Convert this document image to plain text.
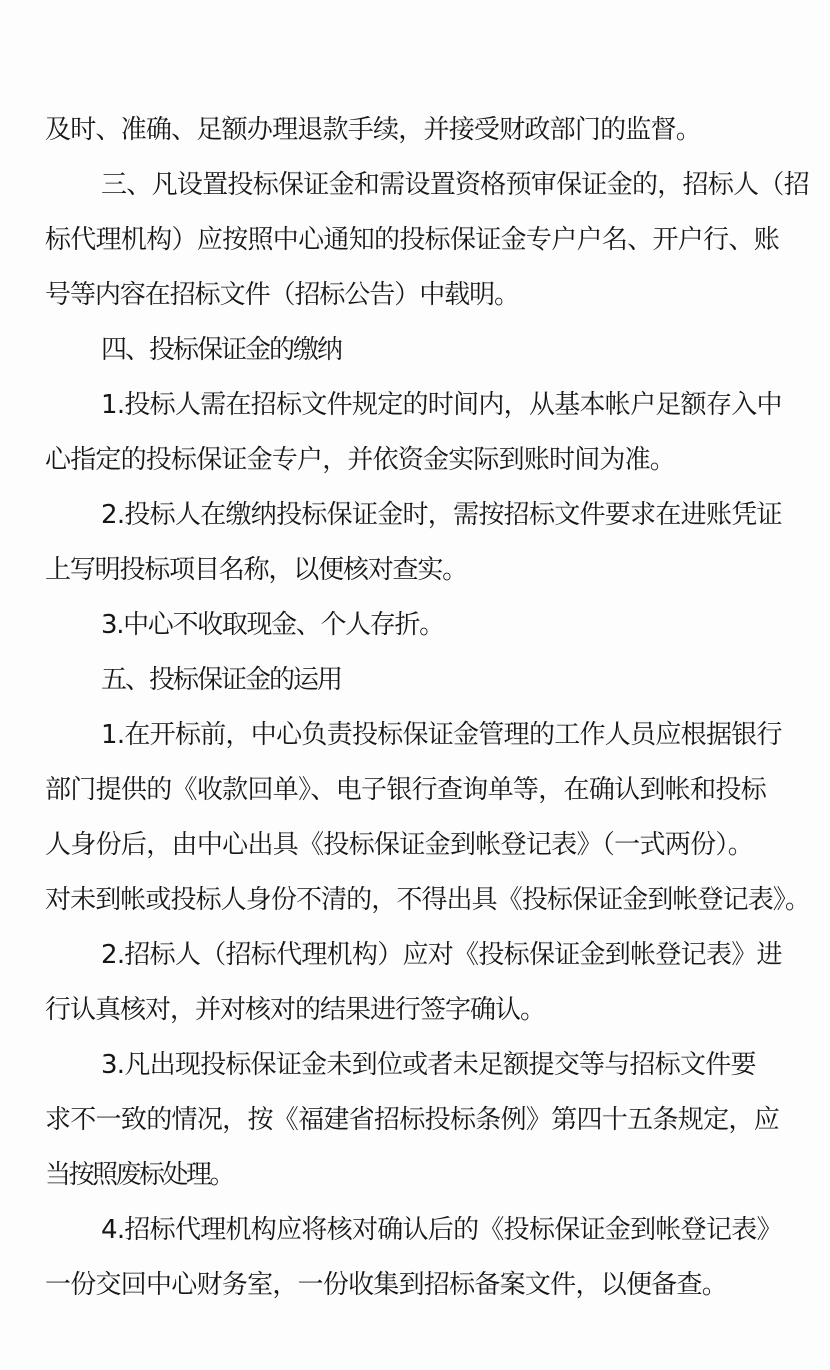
及时、准确、足额办理退款手续，并接受财政部门的监督。
三、凡设置投标保证金和需设置资格预审保证金的，招标人（招
标代理机构）应按照中心通知的投标保证金专户户名、开户行、账
号等内容在招标文件（招标公告）中载明。
四、投标保证金的缴纳
1.投标人需在招标文件规定的时间内，从基本帐户足额存入中
心指定的投标保证金专户，并依资金实际到账时间为准。
2.投标人在缴纳投标保证金时，需按招标文件要求在进账凭证
上写明投标项目名称，以便核对查实。
3.中心不收取现金、个人存折。
五、投标保证金的运用
1.在开标前，中心负责投标保证金管理的工作人员应根据银行
部门提供的《收款回单》、电子银行查询单等，在确认到帐和投标
人身份后，由中心出具《投标保证金到帐登记表》（一式两份）。
对未到帐或投标人身份不清的，不得出具《投标保证金到帐登记表》。
2.招标人（招标代理机构）应对《投标保证金到帐登记表》进
行认真核对，并对核对的结果进行签字确认。
3.凡出现投标保证金未到位或者未足额提交等与招标文件要
求不一致的情况，按《福建省招标投标条例》第四十五条规定，应
当按照废标处理。
4.招标代理机构应将核对确认后的《投标保证金到帐登记表》
一份交回中心财务室，一份收集到招标备案文件，以便备查。
